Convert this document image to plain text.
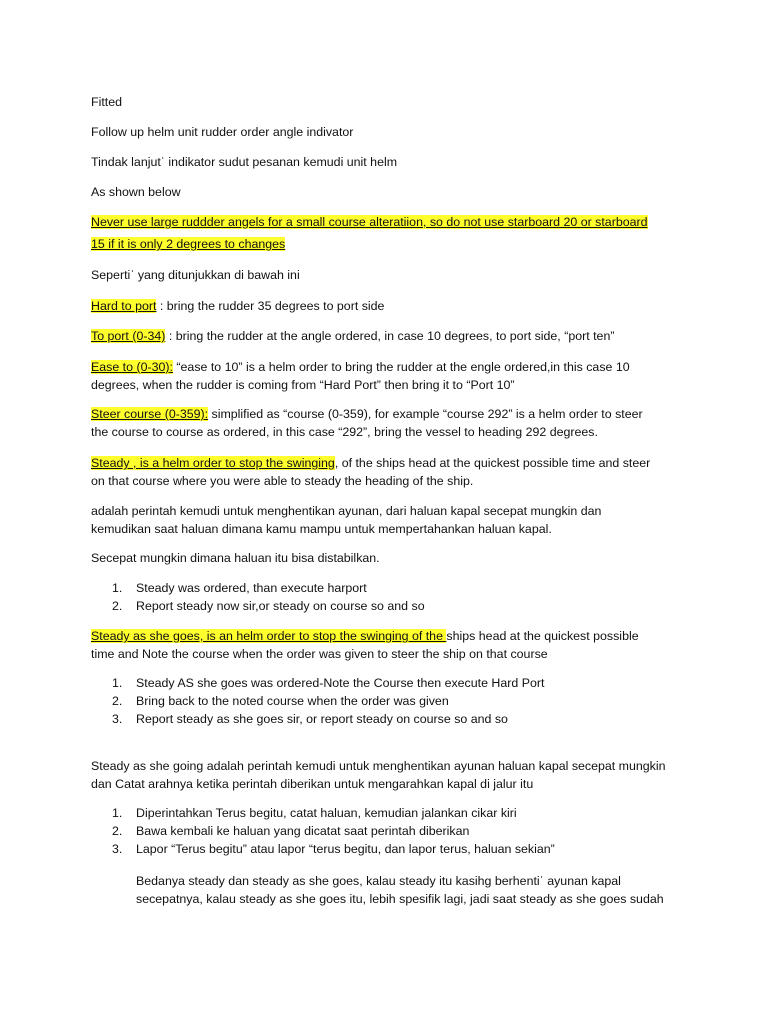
Fitted

Follow up helm unit rudder order angle indivator

Tindak lanjutˈ indikator sudut pesanan kemudi unit helm

As shown below

Never use large ruddder angels for a small course alteratiion, so do not use starboard 20 or starboard

15 if it is only 2 degrees to changes

Sepertiˈ yang ditunjukkan di bawah ini

Hard to port : bring the rudder 35 degrees to port side

To port (0-34) : bring the rudder at the angle ordered, in case 10 degrees, to port side, “port ten”

Ease to (0-30): “ease to 10” is a helm order to bring the rudder at the engle ordered,in this case 10

degrees, when the rudder is coming from “Hard Port” then bring it to “Port 10”

Steer course (0-359): simplified as “course (0-359), for example “course 292” is a helm order to steer

the course to course as ordered, in this case “292”, bring the vessel to heading 292 degrees.

Steady , is a helm order to stop the swinging, of the ships head at the quickest possible time and steer

on that course where you were able to steady the heading of the ship.

adalah perintah kemudi untuk menghentikan ayunan, dari haluan kapal secepat mungkin dan

kemudikan saat haluan dimana kamu mampu untuk mempertahankan haluan kapal.

Secepat mungkin dimana haluan itu bisa distabilkan.

1. Steady was ordered, than execute harport
2. Report steady now sir,or steady on course so and so

Steady as she goes, is an helm order to stop the swinging of the ships head at the quickest possible

time and Note the course when the order was given to steer the ship on that course

1. Steady AS she goes was ordered-Note the Course then execute Hard Port
2. Bring back to the noted course when the order was given
3. Report steady as she goes sir, or report steady on course so and so

Steady as she going adalah perintah kemudi untuk menghentikan ayunan haluan kapal secepat mungkin

dan Catat arahnya ketika perintah diberikan untuk mengarahkan kapal di jalur itu

1. Diperintahkan Terus begitu, catat haluan, kemudian jalankan cikar kiri
2. Bawa kembali ke haluan yang dicatat saat perintah diberikan
3. Lapor “Terus begitu” atau lapor “terus begitu, dan lapor terus, haluan sekian”

Bedanya steady dan steady as she goes, kalau steady itu kasihg berhentiˈ ayunan kapal

secepatnya, kalau steady as she goes itu, lebih spesifik lagi, jadi saat steady as she goes sudah
